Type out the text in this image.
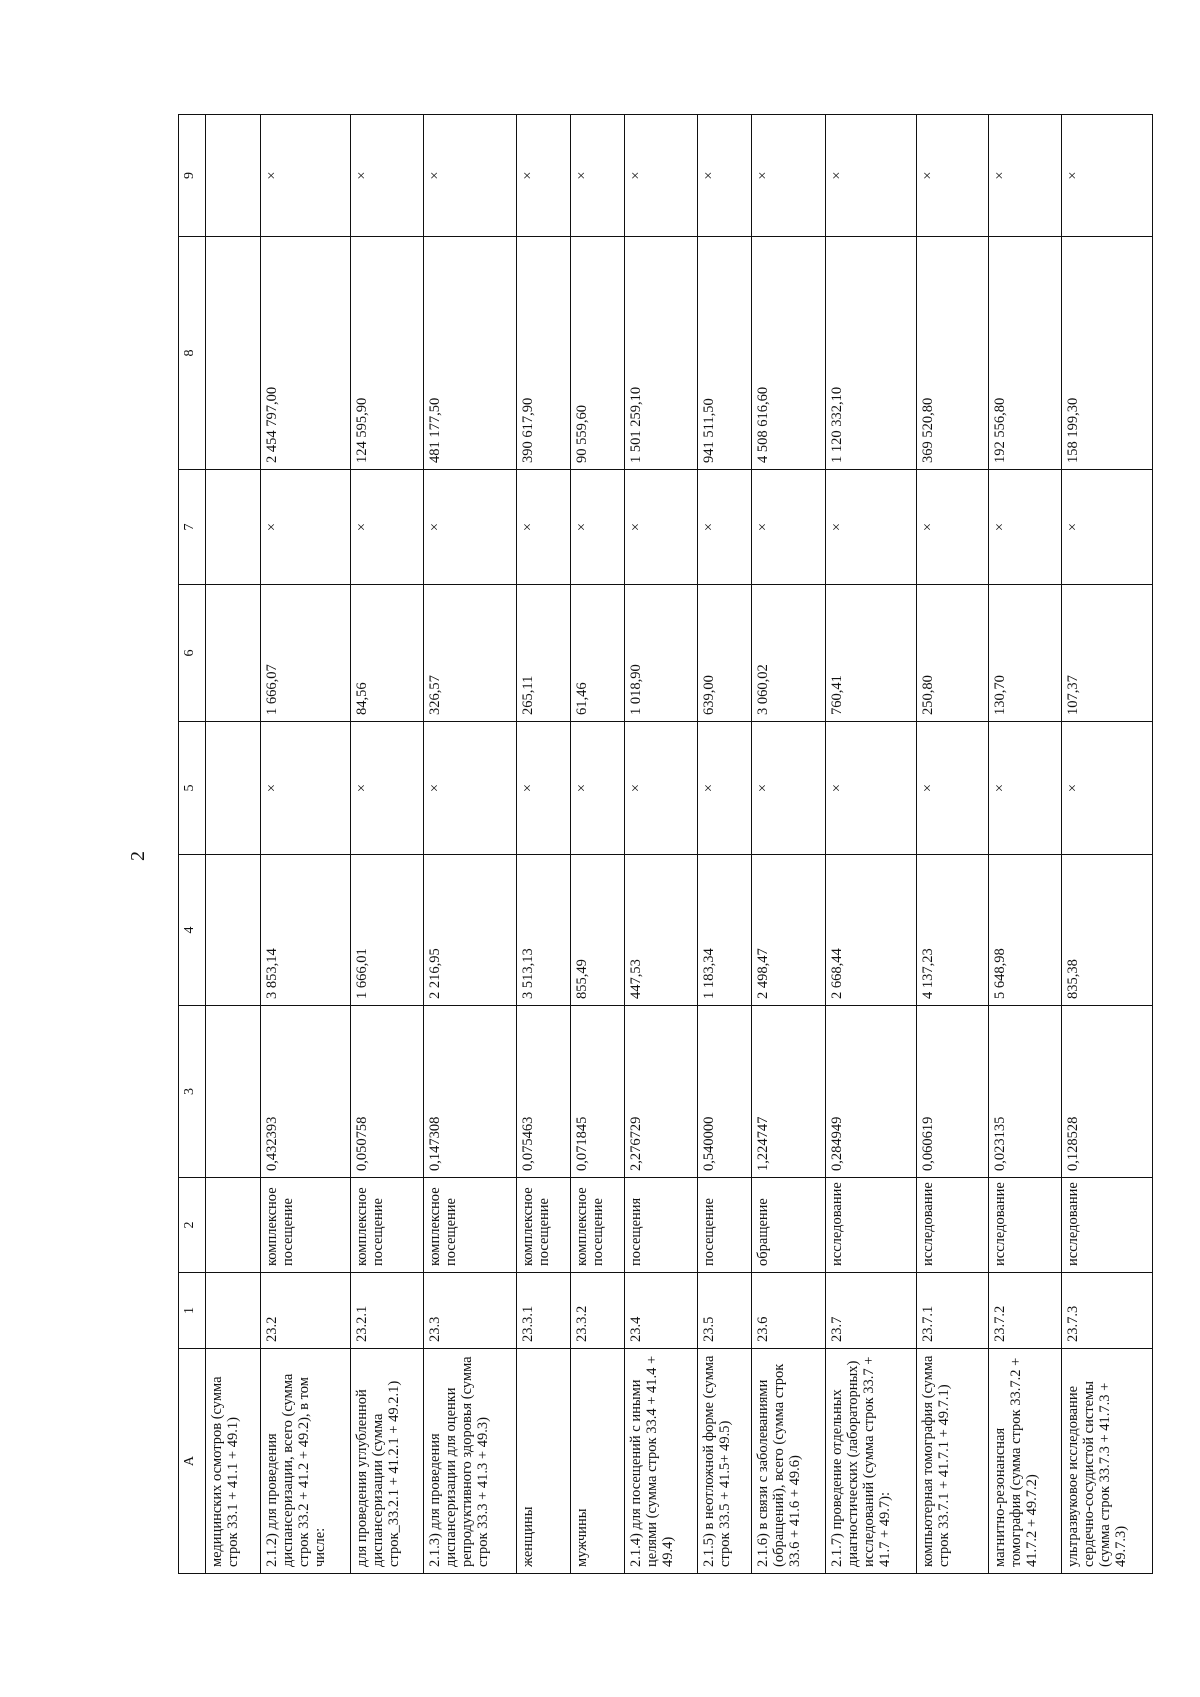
2
А	1	2	3	4	5	6	7	8	9
медицинских осмотров (сумма строк 33.1 + 41.1 + 49.1)									
2.1.2) для проведения диспансеризации, всего (сумма строк 33.2 + 41.2 + 49.2), в том числе:	23.2	комплексное посещение	0,432393	3 853,14	×	1 666,07	×	2 454 797,00	×
для проведения углубленной диспансеризации (сумма строк_33.2.1 + 41.2.1 + 49.2.1)	23.2.1	комплексное посещение	0,050758	1 666,01	×	84,56	×	124 595,90	×
2.1.3) для проведения диспансеризации для оценки репродуктивного здоровья (сумма строк 33.3 + 41.3 + 49.3)	23.3	комплексное посещение	0,147308	2 216,95	×	326,57	×	481 177,50	×
женщины	23.3.1	комплексное посещение	0,075463	3 513,13	×	265,11	×	390 617,90	×
мужчины	23.3.2	комплексное посещение	0,071845	855,49	×	61,46	×	90 559,60	×
2.1.4) для посещений с иными целями (сумма строк 33.4 + 41.4 + 49.4)	23.4	посещения	2,276729	447,53	×	1 018,90	×	1 501 259,10	×
2.1.5) в неотложной форме (сумма строк 33.5 + 41.5+ 49.5)	23.5	посещение	0,540000	1 183,34	×	639,00	×	941 511,50	×
2.1.6) в связи с заболеваниями (обращений), всего (сумма строк 33.6 + 41.6 + 49.6)	23.6	обращение	1,224747	2 498,47	×	3 060,02	×	4 508 616,60	×
2.1.7) проведение отдельных диагностических (лабораторных) исследований (сумма строк 33.7 + 41.7 + 49.7):	23.7	исследование	0,284949	2 668,44	×	760,41	×	1 120 332,10	×
компьютерная томография (сумма строк 33.7.1 + 41.7.1 + 49.7.1)	23.7.1	исследование	0,060619	4 137,23	×	250,80	×	369 520,80	×
магнитно-резонансная томография (сумма строк 33.7.2 + 41.7.2 + 49.7.2)	23.7.2	исследование	0,023135	5 648,98	×	130,70	×	192 556,80	×
ультразвуковое исследование сердечно-сосудистой системы (сумма строк 33.7.3 + 41.7.3 + 49.7.3)	23.7.3	исследование	0,128528	835,38	×	107,37	×	158 199,30	×
